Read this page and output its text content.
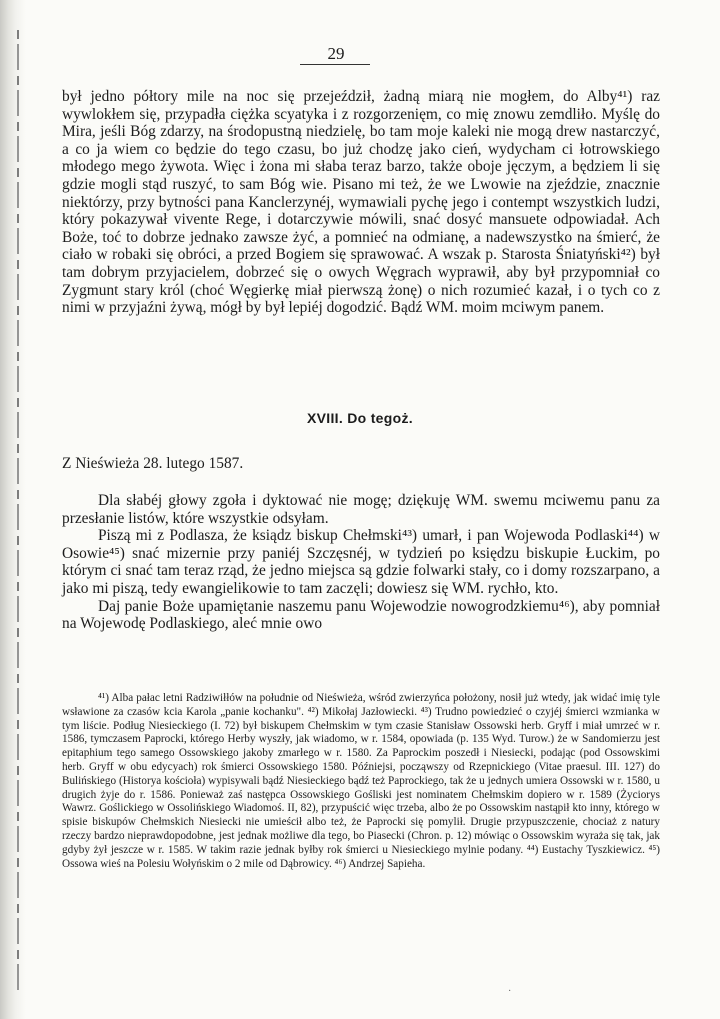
29

był jedno półtory mile na noc się przejeździł, żadną miarą nie mogłem, do Alby⁴¹) raz wywlokłem się, przypadła ciężka scyatyka i z rozgorzenięm, co mię znowu zemdliło. Myślę do Mira, jeśli Bóg zdarzy, na środopustną niedzielę, bo tam moje kaleki nie mogą drew nastarczyć, a co ja wiem co będzie do tego czasu, bo już chodzę jako cień, wydycham ci łotrowskiego młodego mego żywota. Więc i żona mi słaba teraz barzo, także oboje jęczym, a będziem li się gdzie mogli stąd ruszyć, to sam Bóg wie. Pisano mi też, że we Lwowie na zjeździe, znacznie niektórzy, przy bytności pana Kanclerzynéj, wymawiali pychę jego i contempt wszystkich ludzi, który pokazywał vivente Rege, i dotarczywie mówili, snać dosyć mansuete odpowiadał. Ach Boże, toć to dobrze jednako zawsze żyć, a pomnieć na odmianę, a nadewszystko na śmierć, że ciało w robaki się obróci, a przed Bogiem się sprawować. A wszak p. Starosta Śniatyński⁴²) był tam dobrym przyjacielem, dobrzeć się o owych Węgrach wyprawił, aby był przypomniał co Zygmunt stary król (choć Węgierkę miał pierwszą żonę) o nich rozumieć kazał, i o tych co z nimi w przyjaźni żywą, mógł by był lepiéj dogodzić. Bądź WM. moim mciwym panem.

XVIII. Do tegoż.
Z Nieświeża 28. lutego 1587.

Dla słabéj głowy zgoła i dyktować nie mogę; dziękuję WM. swemu mciwemu panu za przesłanie listów, które wszystkie odsyłam.

Piszą mi z Podlasza, że ksiądz biskup Chełmski⁴³) umarł, i pan Wojewoda Podlaski⁴⁴) w Osowie⁴⁵) snać mizernie przy paniéj Szczęsnéj, w tydzień po księdzu biskupie Łuckim, po którym ci snać tam teraz rząd, że jedno miejsca są gdzie folwarki stały, co i domy rozszarpano, a jako mi piszą, tedy ewangielikowie to tam zaczęli; dowiesz się WM. rychło, kto.

Daj panie Boże upamiętanie naszemu panu Wojewodzie nowogrodzkiemu⁴⁶), aby pomniał na Wojewodę Podlaskiego, aleć mnie owo

⁴¹) Alba pałac letni Radziwiłłów na południe od Nieświeża, wśród zwierzyńca położony, nosił już wtedy, jak widać imię tyle wsławione za czasów kcia Karola „panie kochanku". ⁴²) Mikołaj Jazłowiecki. ⁴³) Trudno powiedzieć o czyjéj śmierci wzmianka w tym liście. Podług Niesieckiego (I. 72) był biskupem Chełmskim w tym czasie Stanisław Ossowski herb. Gryff i miał umrzeć w r. 1586, tymczasem Paprocki, którego Herby wyszły, jak wiadomo, w r. 1584, opowiada (p. 135 Wyd. Turow.) że w Sandomierzu jest epitaphium tego samego Ossowskiego jakoby zmarłego w r. 1580. Za Paprockim poszedł i Niesiecki, podając (pod Ossowskimi herb. Gryff w obu edycyach) rok śmierci Ossowskiego 1580. Późniejsi, począwszy od Rzepnickiego (Vitae praesul. III. 127) do Bulińskiego (Historya kościoła) wypisywali bądź Niesieckiego bądź też Paprockiego, tak że u jednych umiera Ossowski w r. 1580, u drugich żyje do r. 1586. Ponieważ zaś następca Ossowskiego Gośliski jest nominatem Chełmskim dopiero w r. 1589 (Życiorys Wawrz. Goślickiego w Ossolińskiego Wiadomoś. II, 82), przypuścić więc trzeba, albo że po Ossowskim nastąpił kto inny, którego w spisie biskupów Chełmskich Niesiecki nie umieścił albo też, że Paprocki się pomylił. Drugie przypuszczenie, chociaż z natury rzeczy bardzo nieprawdopodobne, jest jednak możliwe dla tego, bo Piasecki (Chron. p. 12) mówiąc o Ossowskim wyraża się tak, jak gdyby żył jeszcze w r. 1585. W takim razie jednak byłby rok śmierci u Niesieckiego mylnie podany. ⁴⁴) Eustachy Tyszkiewicz. ⁴⁵) Ossowa wieś na Polesiu Wołyńskim o 2 mile od Dąbrowicy. ⁴⁶) Andrzej Sapieha.

·
